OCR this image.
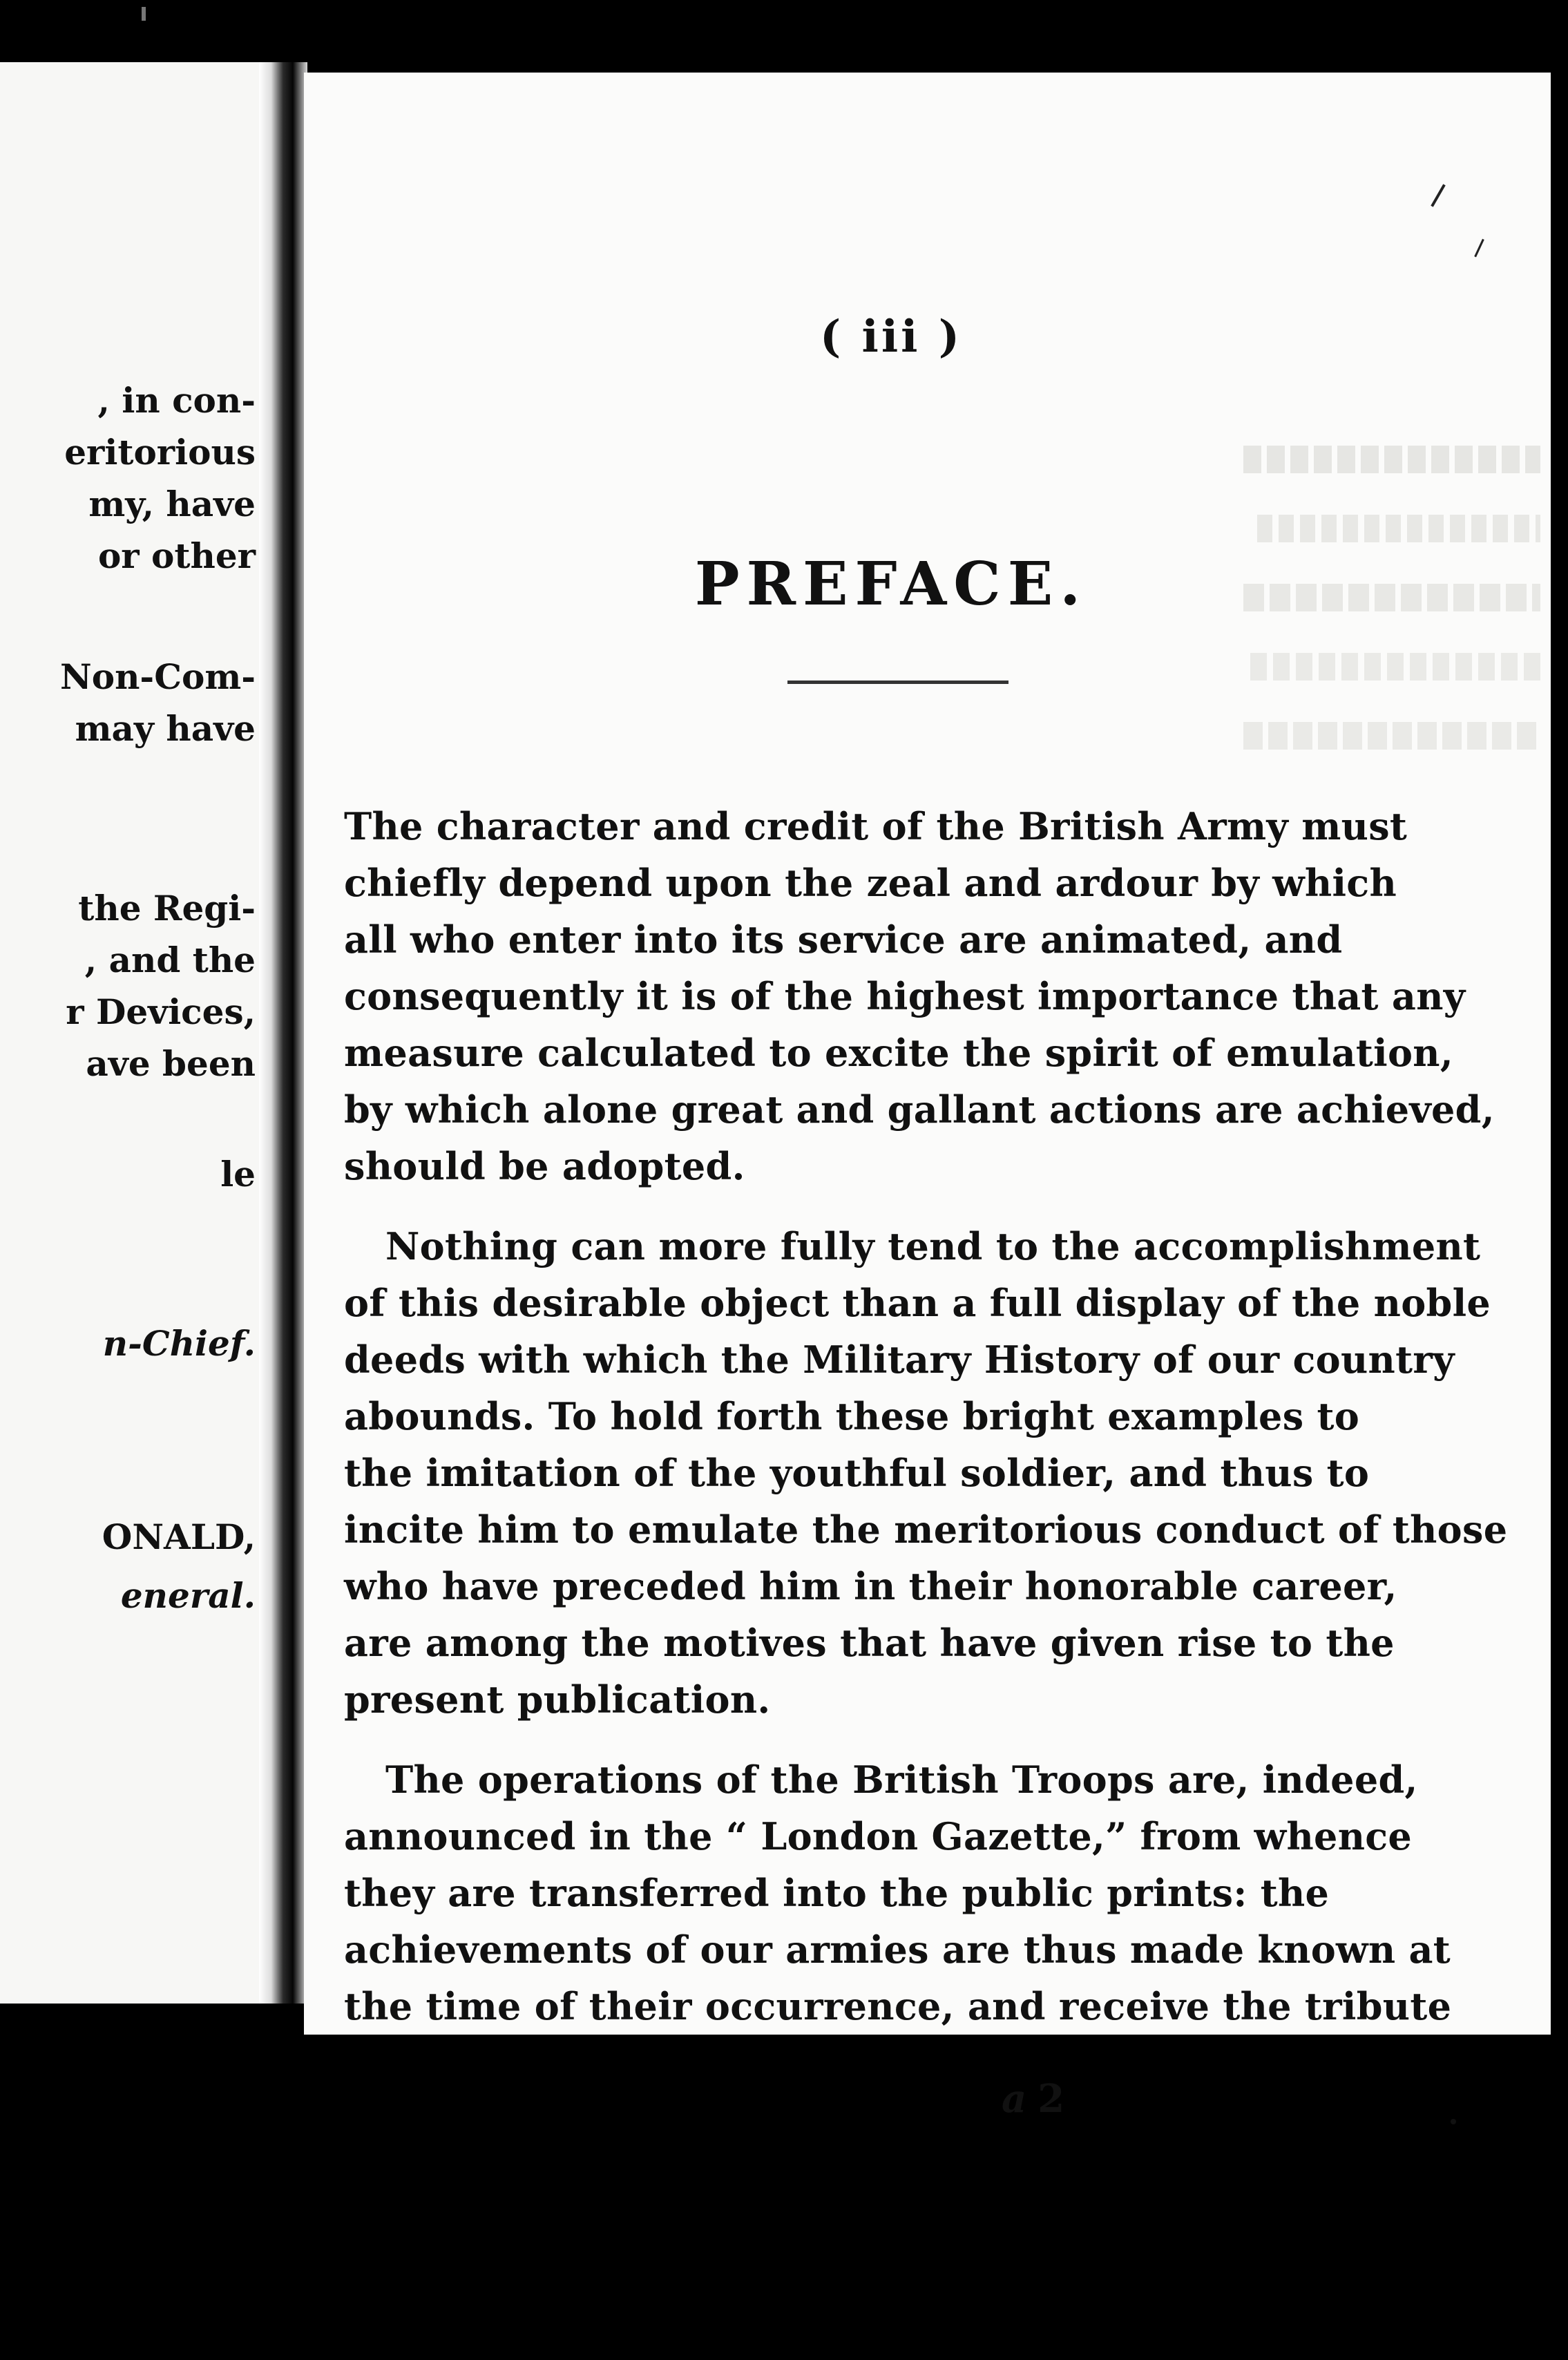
, in con-
eritorious
my, have
or other
Non-Com-
may have
the Regi-
, and the
r Devices,
ave been
le
n-Chief.
ONALD,
eneral.
( iii )
PREFACE.
The character and credit of the British Army must
chiefly depend upon the zeal and ardour by which
all who enter into its service are animated, and
consequently it is of the highest importance that any
measure calculated to excite the spirit of emulation,
by which alone great and gallant actions are achieved,
should be adopted.
Nothing can more fully tend to the accomplishment
of this desirable object than a full display of the noble
deeds with which the Military History of our country
abounds. To hold forth these bright examples to
the imitation of the youthful soldier, and thus to
incite him to emulate the meritorious conduct of those
who have preceded him in their honorable career,
are among the motives that have given rise to the
present publication.
The operations of the British Troops are, indeed,
announced in the “ London Gazette,” from whence
they are transferred into the public prints: the
achievements of our armies are thus made known at
the time of their occurrence, and receive the tribute
a 2
